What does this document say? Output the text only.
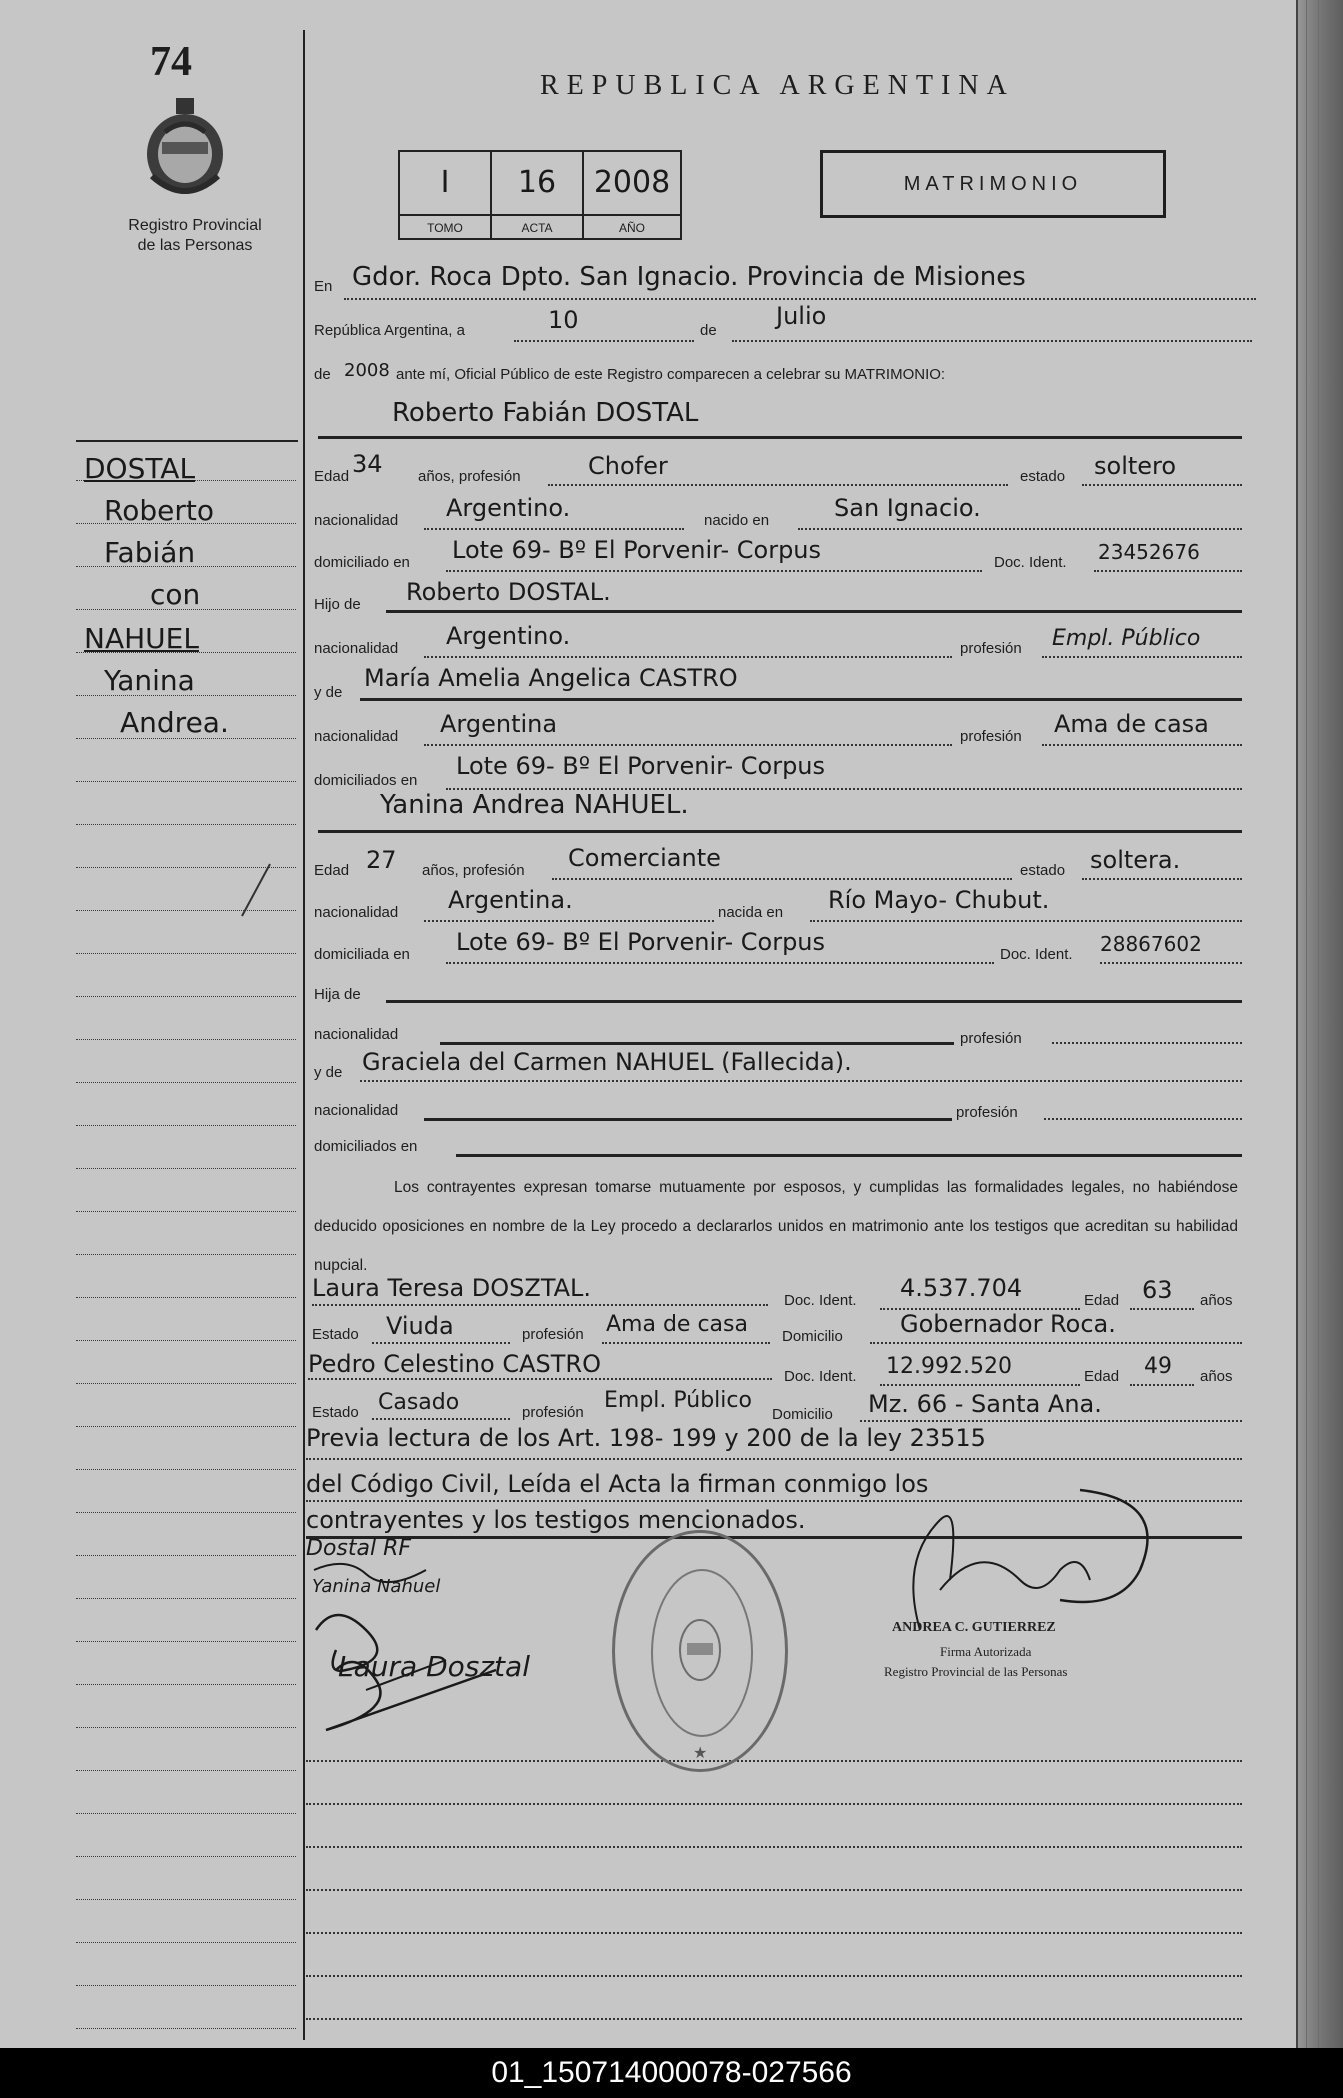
74
Registro Provincial
de las Personas
REPUBLICA ARGENTINA
I	16	2008
TOMO	ACTA	AÑO
MATRIMONIO
DOSTAL
Roberto
Fabián
con
NAHUEL
Yanina
Andrea.
En Gdor. Roca Dpto. San Ignacio. Provincia de Misiones
República Argentina, a	10	de
Julio
de 2008 ante mí, Oficial Público de este Registro comparecen a celebrar su MATRIMONIO:
Roberto Fabián DOSTAL
Edad 34 años, profesión	Chofer	estado soltero
nacionalidad Argentino.	nacido en	San Ignacio.
domiciliado en Lote 69- Bº El Porvenir- Corpus	Doc. Ident. 23452676
Hijo de Roberto DOSTAL.
nacionalidad Argentino.	profesión Empl. Público
y de
María Amelia Angelica CASTRO
nacionalidad Argentina	profesión Ama de casa
domiciliados en
Lote 69- Bº El Porvenir- Corpus
Yanina Andrea NAHUEL.
Edad 27 años, profesión Comerciante	estado soltera.
nacionalidad Argentina.	nacida en Río Mayo- Chubut.
domiciliada en Lote 69- Bº El Porvenir- Corpus	Doc. Ident. 28867602
Hija de
nacionalidad	profesión
y de Graciela del Carmen NAHUEL (Fallecida).
nacionalidad	profesión
domiciliados en
Los contrayentes expresan tomarse mutuamente por esposos, y cumplidas las formalidades legales, no habiéndose deducido oposiciones en nombre de la Ley procedo a declararlos unidos en matrimonio ante los testigos que acreditan su habilidad nupcial.
Laura Teresa DOSZTAL.	Doc. Ident. 4.537.704	Edad 63 años
Estado Viuda	profesión Ama de casa Domicilio Gobernador Roca.
Pedro Celestino CASTRO	Doc. Ident. 12.992.520	Edad 49 años
Estado Casado	profesión Empl. Público
Domicilio Mz. 66 - Santa Ana.
Previa lectura de los Art. 198- 199 y 200 de la ley 23515
del Código Civil, Leída el Acta la firman conmigo los
contrayentes y los testigos mencionados.
Dostal RF
Yanina Nahuel
Laura Dosztal
★
ANDREA C. GUTIERREZ
Firma Autorizada
Registro Provincial de las Personas
01_150714000078-027566
